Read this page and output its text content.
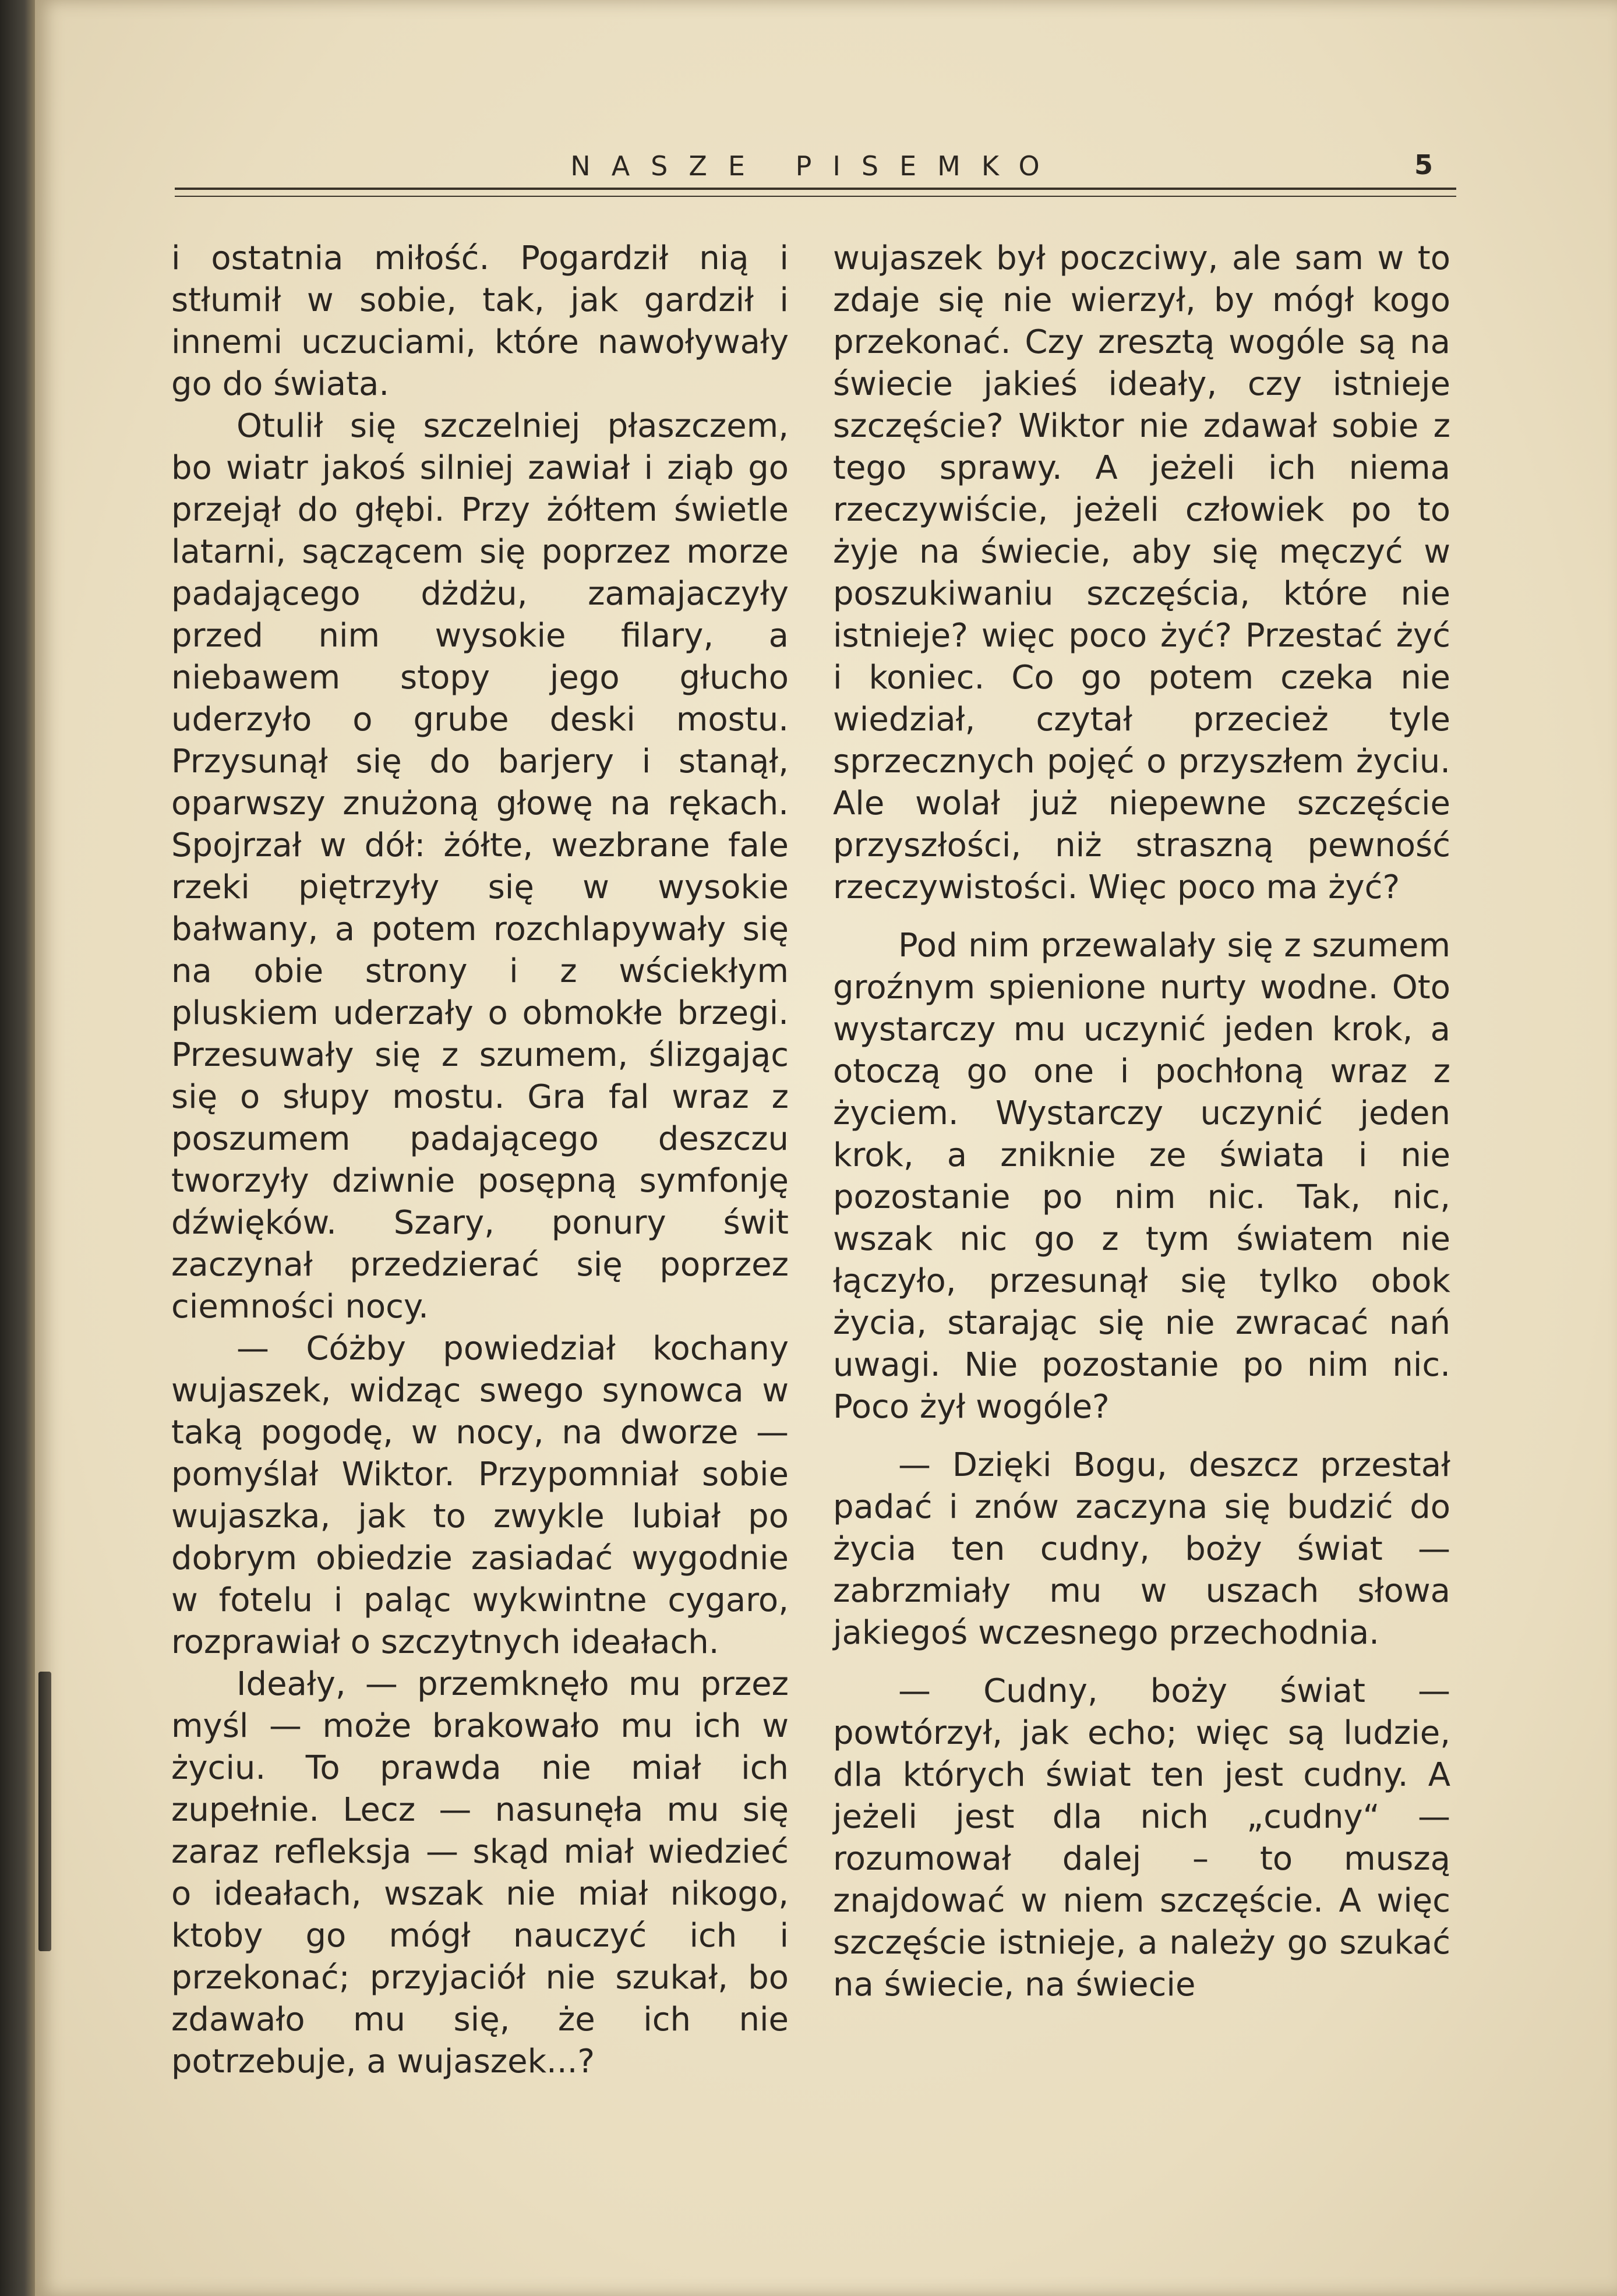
NASZE PISEMKO	5

i ostatnia miłość. Pogardził nią i stłumił w sobie, tak, jak gardził i innemi uczuciami, które nawoływały go do świata.

Otulił się szczelniej płaszczem, bo wiatr jakoś silniej zawiał i ziąb go przejął do głębi. Przy żółtem świetle latarni, sączącem się poprzez morze padającego dżdżu, zamajaczyły przed nim wysokie filary, a niebawem stopy jego głucho uderzyło o grube deski mostu. Przysunął się do barjery i stanął, oparwszy znużoną głowę na rękach. Spojrzał w dół: żółte, wezbrane fale rzeki piętrzyły się w wysokie bałwany, a potem rozchlapywały się na obie strony i z wściekłym pluskiem uderzały o obmokłe brzegi. Przesuwały się z szumem, ślizgając się o słupy mostu. Gra fal wraz z poszumem padającego deszczu tworzyły dziwnie posępną symfonję dźwięków. Szary, ponury świt zaczynał przedzierać się poprzez ciemności nocy.

— Cóżby powiedział kochany wujaszek, widząc swego synowca w taką pogodę, w nocy, na dworze — pomyślał Wiktor. Przypomniał sobie wujaszka, jak to zwykle lubiał po dobrym obiedzie zasiadać wygodnie w fotelu i paląc wykwintne cygaro, rozprawiał o szczytnych ideałach.

Ideały, — przemknęło mu przez myśl — może brakowało mu ich w życiu. To prawda nie miał ich zupełnie. Lecz — nasunęła mu się zaraz refleksja — skąd miał wiedzieć o ideałach, wszak nie miał nikogo, ktoby go mógł nauczyć ich i przekonać; przyjaciół nie szukał, bo zdawało mu się, że ich nie potrzebuje, a wujaszek...?

wujaszek był poczciwy, ale sam w to zdaje się nie wierzył, by mógł kogo przekonać. Czy zresztą wogóle są na świecie jakieś ideały, czy istnieje szczęście? Wiktor nie zdawał sobie z tego sprawy. A jeżeli ich niema rzeczywiście, jeżeli człowiek po to żyje na świecie, aby się męczyć w poszukiwaniu szczęścia, które nie istnieje? więc poco żyć? Przestać żyć i koniec. Co go potem czeka nie wiedział, czytał przecież tyle sprzecznych pojęć o przyszłem życiu. Ale wolał już niepewne szczęście przyszłości, niż straszną pewność rzeczywistości. Więc poco ma żyć?

Pod nim przewalały się z szumem groźnym spienione nurty wodne. Oto wystarczy mu uczynić jeden krok, a otoczą go one i pochłoną wraz z życiem. Wystarczy uczynić jeden krok, a zniknie ze świata i nie pozostanie po nim nic. Tak, nic, wszak nic go z tym światem nie łączyło, przesunął się tylko obok życia, starając się nie zwracać nań uwagi. Nie pozostanie po nim nic. Poco żył wogóle?

— Dzięki Bogu, deszcz przestał padać i znów zaczyna się budzić do życia ten cudny, boży świat — zabrzmiały mu w uszach słowa jakiegoś wczesnego przechodnia.

— Cudny, boży świat — powtórzył, jak echo; więc są ludzie, dla których świat ten jest cudny. A jeżeli jest dla nich „cudny“ — rozumował dalej – to muszą znajdować w niem szczęście. A więc szczęście istnieje, a należy go szukać na świecie, na świecie
